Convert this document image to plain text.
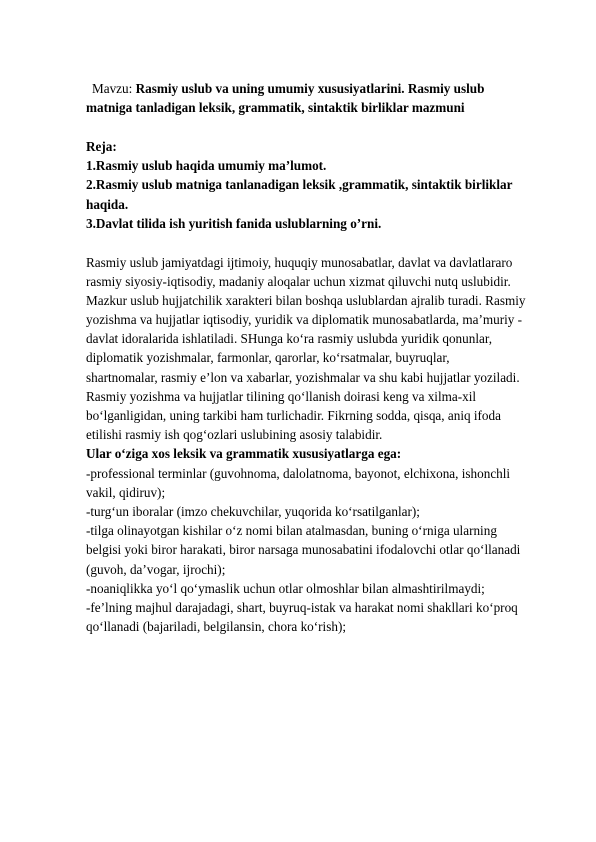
Mavzu: Rasmiy uslub va uning umumiy xususiyatlarini. Rasmiy uslub
matniga tanladigan leksik, grammatik, sintaktik birliklar mazmuni
Reja:
1.Rasmiy uslub haqida umumiy ma’lumot.
2.Rasmiy uslub matniga tanlanadigan leksik ,grammatik, sintaktik birliklar
haqida.
3.Davlat tilida ish yuritish fanida uslublarning o’rni.
Rasmiy uslub jamiyatdagi ijtimoiy, huquqiy munosabatlar, davlat va davlatlararo
rasmiy siyosiy-iqtisodiy, madaniy aloqalar uchun xizmat qiluvchi nutq uslubidir.
Mazkur uslub hujjatchilik xarakteri bilan boshqa uslublardan ajralib turadi. Rasmiy
yozishma va hujjatlar iqtisodiy, yuridik va diplomatik munosabatlarda, ma’muriy -
davlat idoralarida ishlatiladi. SHunga ko‘ra rasmiy uslubda yuridik qonunlar,
diplomatik yozishmalar, farmonlar, qarorlar, ko‘rsatmalar, buyruqlar,
shartnomalar, rasmiy e’lon va xabarlar, yozishmalar va shu kabi hujjatlar yoziladi.
Rasmiy yozishma va hujjatlar tilining qo‘llanish doirasi keng va xilma-xil
bo‘lganligidan, uning tarkibi ham turlichadir. Fikrning sodda, qisqa, aniq ifoda
etilishi rasmiy ish qog‘ozlari uslubining asosiy talabidir.
Ular o‘ziga xos leksik va grammatik xususiyatlarga ega:
-professional terminlar (guvohnoma, dalolatnoma, bayonot, elchixona, ishonchli
vakil, qidiruv);
-turg‘un iboralar (imzo chekuvchilar, yuqorida ko‘rsatilganlar);
-tilga olinayotgan kishilar o‘z nomi bilan atalmasdan, buning o‘rniga ularning
belgisi yoki biror harakati, biror narsaga munosabatini ifodalovchi otlar qo‘llanadi
(guvoh, da’vogar, ijrochi);
-noaniqlikka yo‘l qo‘ymaslik uchun otlar olmoshlar bilan almashtirilmaydi;
-fe’lning majhul darajadagi, shart, buyruq-istak va harakat nomi shakllari ko‘proq
qo‘llanadi (bajariladi, belgilansin, chora ko‘rish);
